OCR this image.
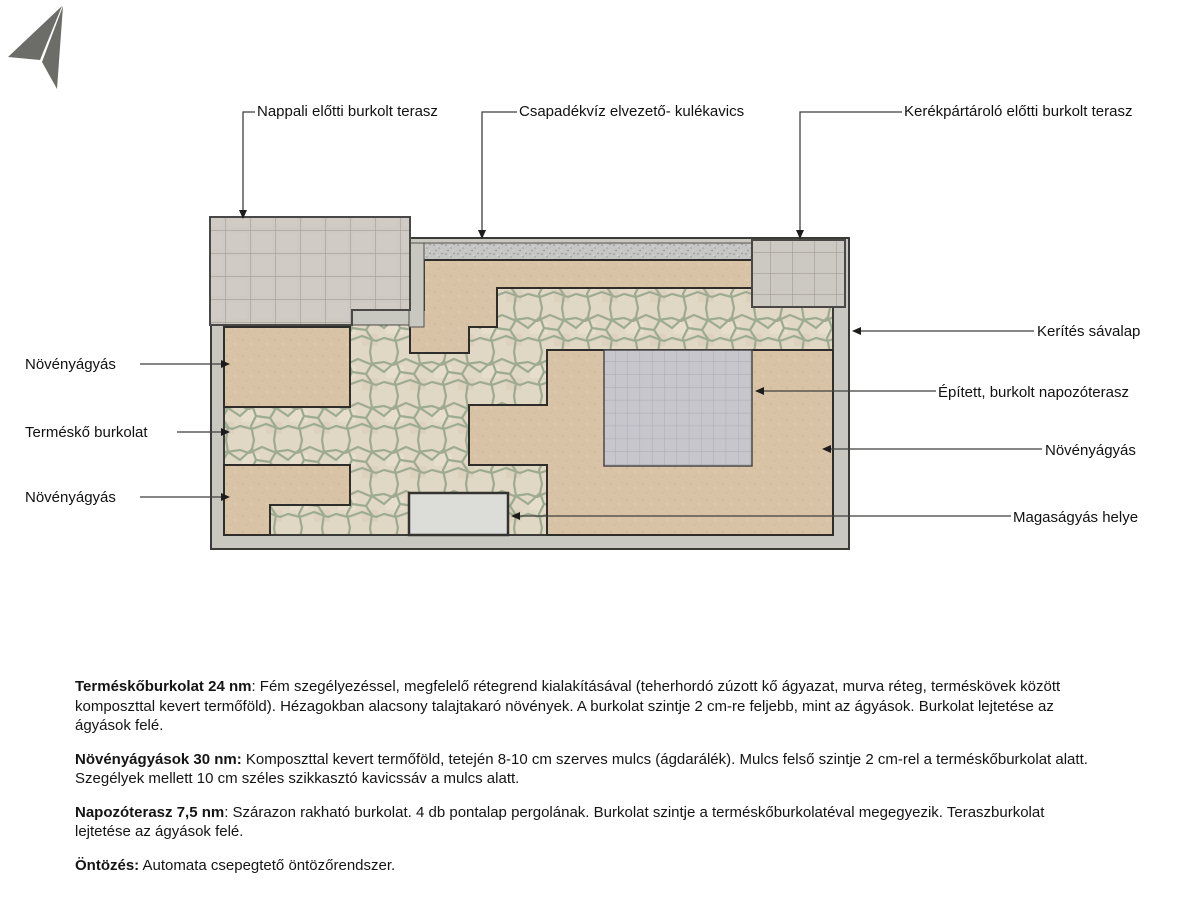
Nappali előtti burkolt terasz	Csapadékvíz elvezető- kulékavics	Kerékpártároló előtti burkolt terasz
Növényágyás
Terméskő burkolat
Növényágyás
Kerítés sávalap
Épített, burkolt napozóterasz
Növényágyás
Magaságyás helye

Terméskőburkolat 24 nm: Fém szegélyezéssel, megfelelő rétegrend kialakításával (teherhordó zúzott kő ágyazat, murva réteg, terméskövek között komposzttal kevert termőföld). Hézagokban alacsony talajtakaró növények. A burkolat szintje 2 cm-re feljebb, mint az ágyások. Burkolat lejtetése az ágyások felé.

Növényágyások 30 nm: Komposzttal kevert termőföld, tetején 8-10 cm szerves mulcs (ágdarálék). Mulcs felső szintje 2 cm-rel a terméskőburkolat alatt. Szegélyek mellett 10 cm széles szikkasztó kavicssáv a mulcs alatt.

Napozóterasz 7,5 nm: Szárazon rakható burkolat. 4 db pontalap pergolának. Burkolat szintje a terméskőburkolatéval megegyezik. Teraszburkolat lejtetése az ágyások felé.

Öntözés: Automata csepegtető öntözőrendszer.
